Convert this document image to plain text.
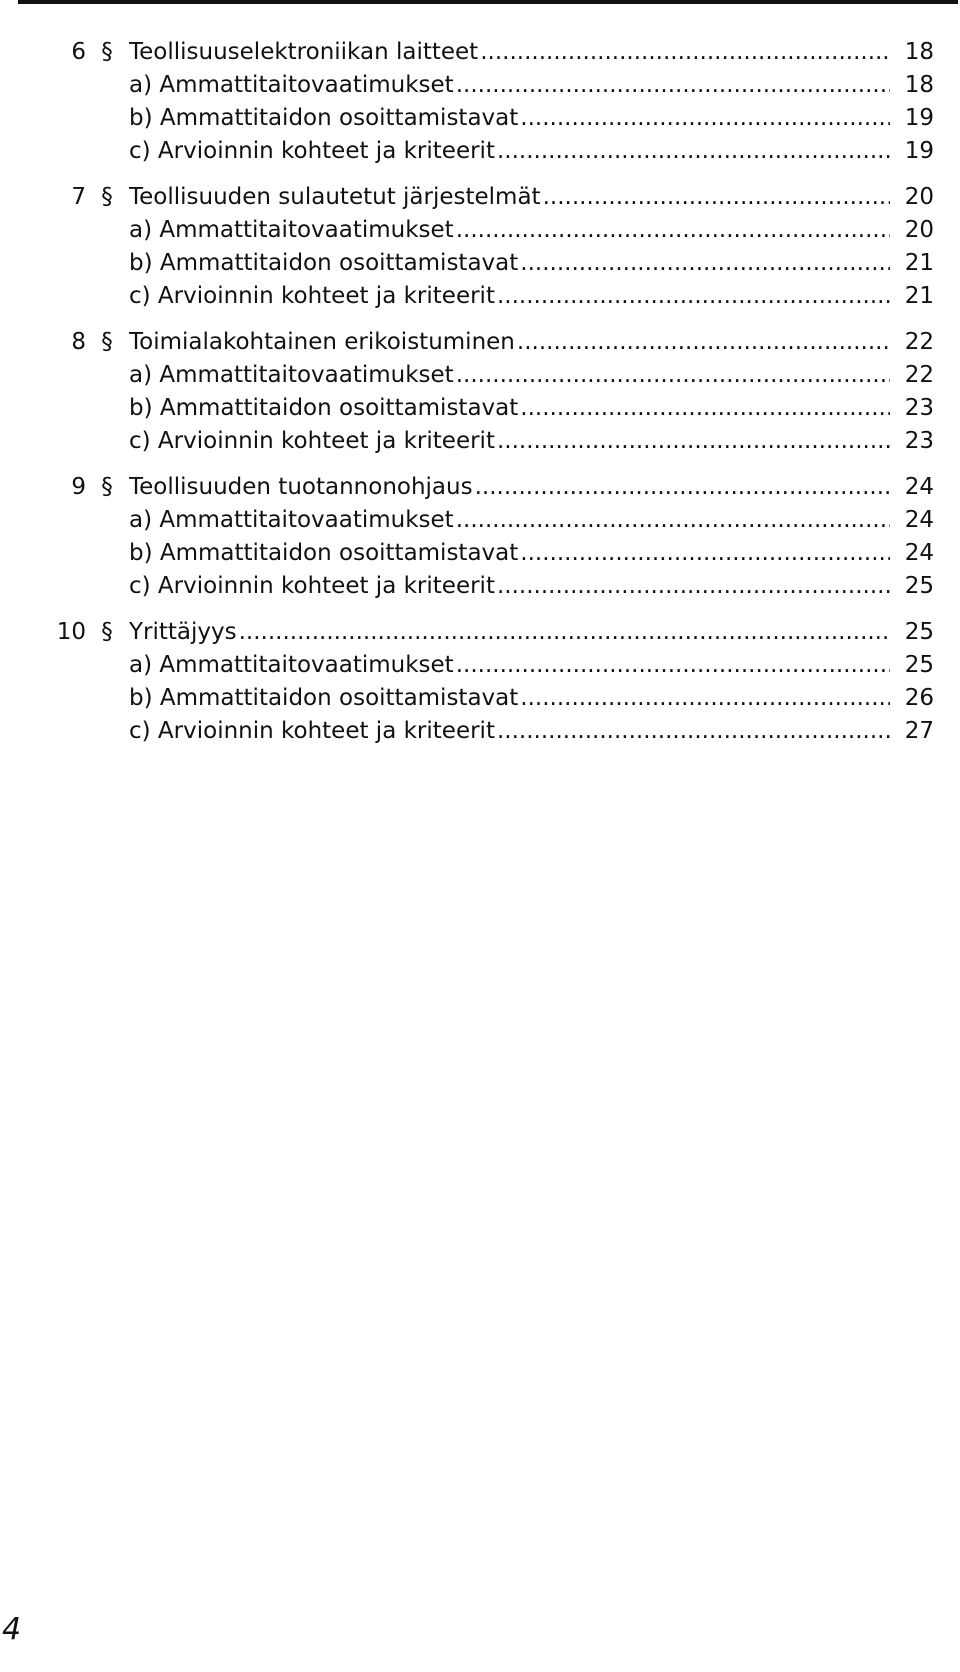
6 § Teollisuuselektroniikan laitteet .....	18
a) Ammattitaitovaatimukset .....	18
b) Ammattitaidon osoittamistavat .....	19
c) Arvioinnin kohteet ja kriteerit .....	19
7 § Teollisuuden sulautetut järjestelmät .....	20
a) Ammattitaitovaatimukset .....	20
b) Ammattitaidon osoittamistavat .....	21
c) Arvioinnin kohteet ja kriteerit .....	21
8 § Toimialakohtainen erikoistuminen .....	22
a) Ammattitaitovaatimukset .....	22
b) Ammattitaidon osoittamistavat .....	23
c) Arvioinnin kohteet ja kriteerit .....	23
9 § Teollisuuden tuotannonohjaus .....	24
a) Ammattitaitovaatimukset .....	24
b) Ammattitaidon osoittamistavat .....	24
c) Arvioinnin kohteet ja kriteerit .....	25
10 § Yrittäjyys .....	25
a) Ammattitaitovaatimukset .....	25
b) Ammattitaidon osoittamistavat .....	26
c) Arvioinnin kohteet ja kriteerit .....	27
4
